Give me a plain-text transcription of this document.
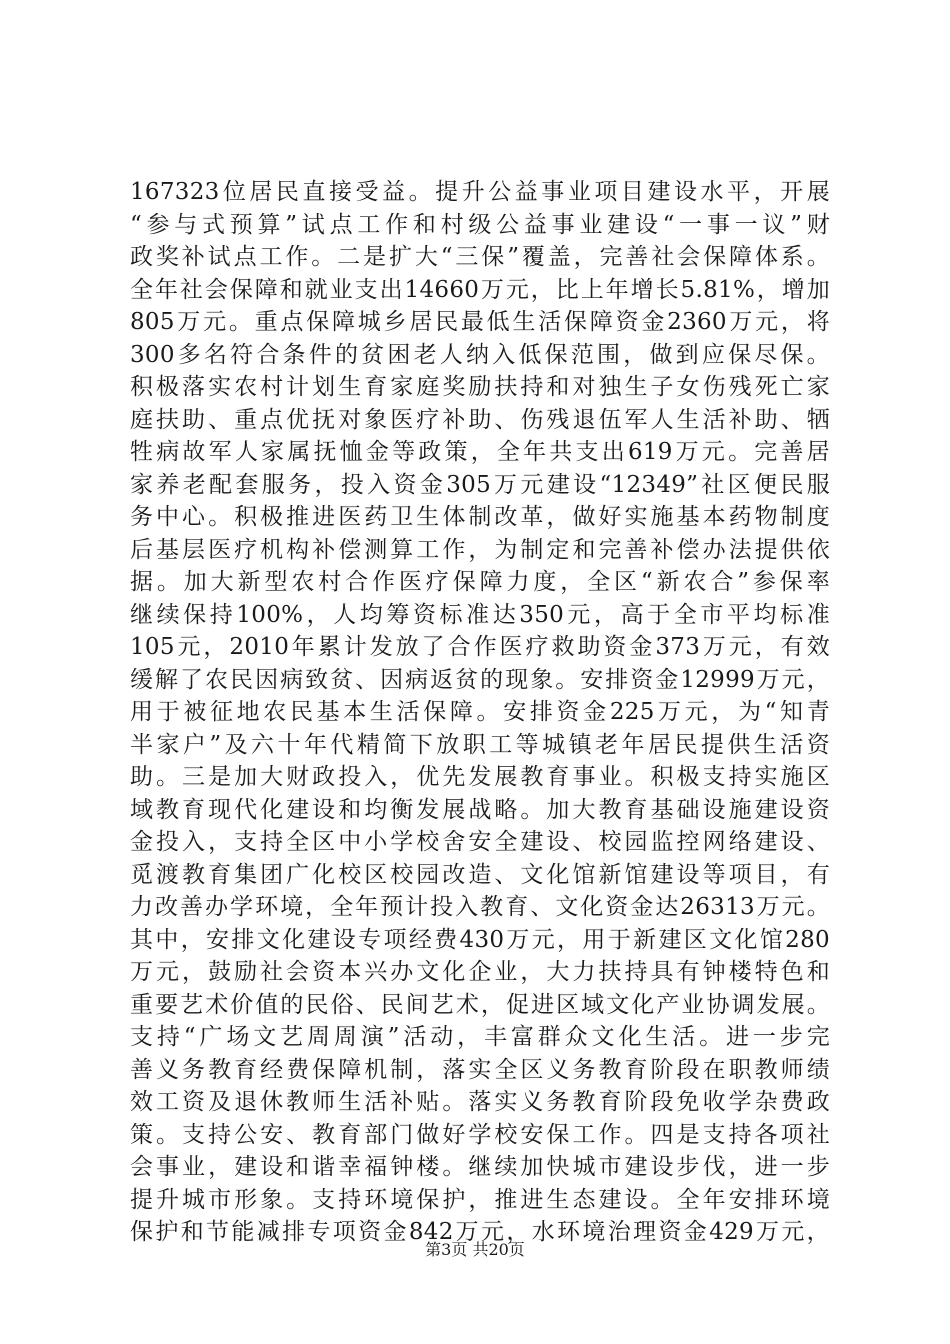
167323位居民直接受益。提升公益事业项目建设水平，开展
“参与式预算”试点工作和村级公益事业建设“一事一议”财
政奖补试点工作。二是扩大“三保”覆盖，完善社会保障体系。
全年社会保障和就业支出14660万元，比上年增长5.81%，增加
805万元。重点保障城乡居民最低生活保障资金2360万元，将
300多名符合条件的贫困老人纳入低保范围，做到应保尽保。
积极落实农村计划生育家庭奖励扶持和对独生子女伤残死亡家
庭扶助、重点优抚对象医疗补助、伤残退伍军人生活补助、牺
牲病故军人家属抚恤金等政策，全年共支出619万元。完善居
家养老配套服务，投入资金305万元建设“12349”社区便民服
务中心。积极推进医药卫生体制改革，做好实施基本药物制度
后基层医疗机构补偿测算工作，为制定和完善补偿办法提供依
据。加大新型农村合作医疗保障力度，全区“新农合”参保率
继续保持100%，人均筹资标准达350元，高于全市平均标准
105元，2010年累计发放了合作医疗救助资金373万元，有效
缓解了农民因病致贫、因病返贫的现象。安排资金12999万元，
用于被征地农民基本生活保障。安排资金225万元，为“知青
半家户”及六十年代精简下放职工等城镇老年居民提供生活资
助。三是加大财政投入，优先发展教育事业。积极支持实施区
域教育现代化建设和均衡发展战略。加大教育基础设施建设资
金投入，支持全区中小学校舍安全建设、校园监控网络建设、
觅渡教育集团广化校区校园改造、文化馆新馆建设等项目，有
力改善办学环境，全年预计投入教育、文化资金达26313万元。
其中，安排文化建设专项经费430万元，用于新建区文化馆280
万元，鼓励社会资本兴办文化企业，大力扶持具有钟楼特色和
重要艺术价值的民俗、民间艺术，促进区域文化产业协调发展。
支持“广场文艺周周演”活动，丰富群众文化生活。进一步完
善义务教育经费保障机制，落实全区义务教育阶段在职教师绩
效工资及退休教师生活补贴。落实义务教育阶段免收学杂费政
策。支持公安、教育部门做好学校安保工作。四是支持各项社
会事业，建设和谐幸福钟楼。继续加快城市建设步伐，进一步
提升城市形象。支持环境保护，推进生态建设。全年安排环境
保护和节能减排专项资金842万元，水环境治理资金429万元，
第3页 共20页
